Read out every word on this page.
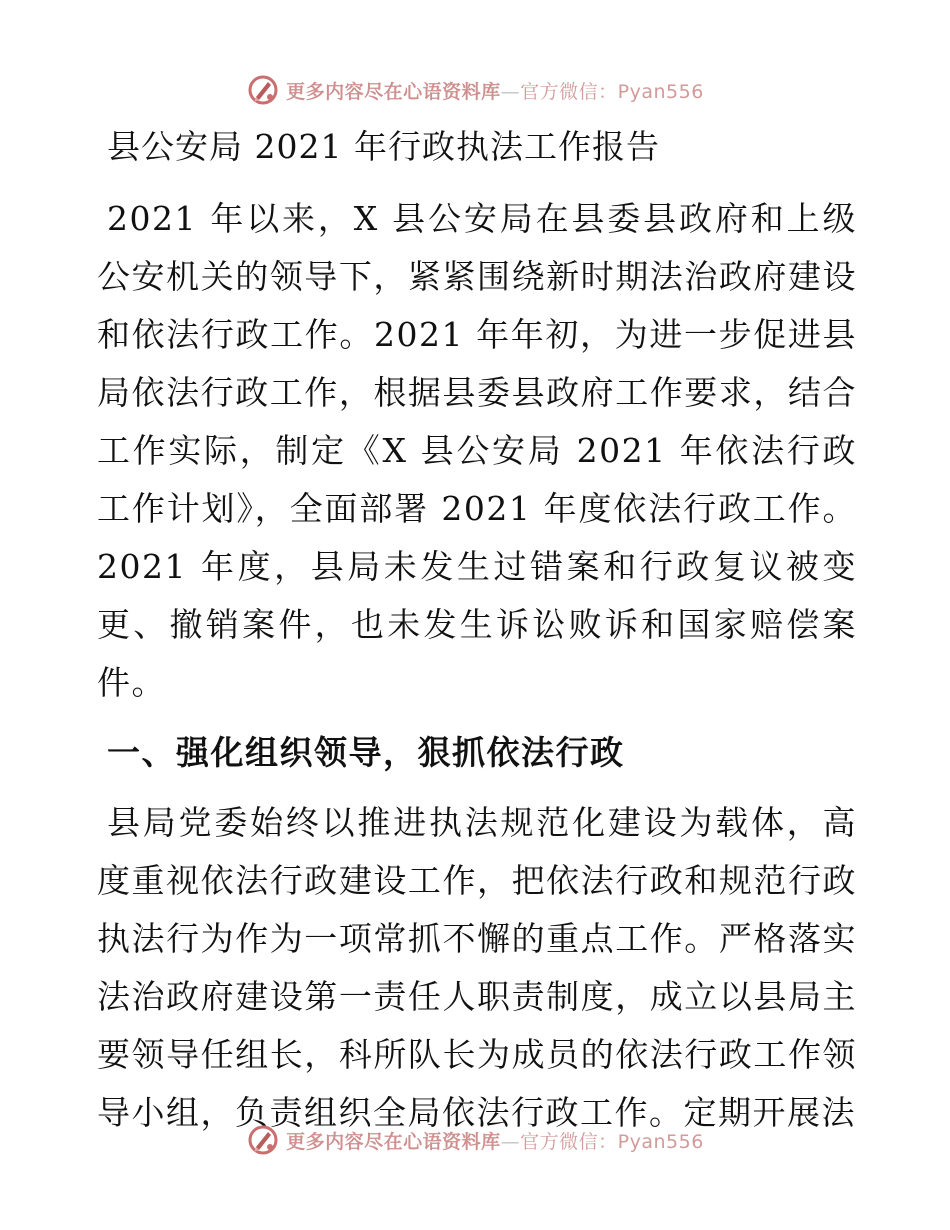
更多内容尽在心语资料库—官方微信：Pyan556
县公安局 2021 年行政执法工作报告

2021 年以来，X 县公安局在县委县政府和上级公安机关的领导下，紧紧围绕新时期法治政府建设和依法行政工作。2021 年年初，为进一步促进县局依法行政工作，根据县委县政府工作要求，结合工作实际，制定《X 县公安局 2021 年依法行政工作计划》，全面部署 2021 年度依法行政工作。2021 年度，县局未发生过错案和行政复议被变更、撤销案件，也未发生诉讼败诉和国家赔偿案件。

一、强化组织领导，狠抓依法行政

县局党委始终以推进执法规范化建设为载体，高度重视依法行政建设工作，把依法行政和规范行政执法行为作为一项常抓不懈的重点工作。严格落实法治政府建设第一责任人职责制度，成立以县局主要领导任组长，科所队长为成员的依法行政工作领导小组，负责组织全局依法行政工作。定期开展法

更多内容尽在心语资料库—官方微信：Pyan556
